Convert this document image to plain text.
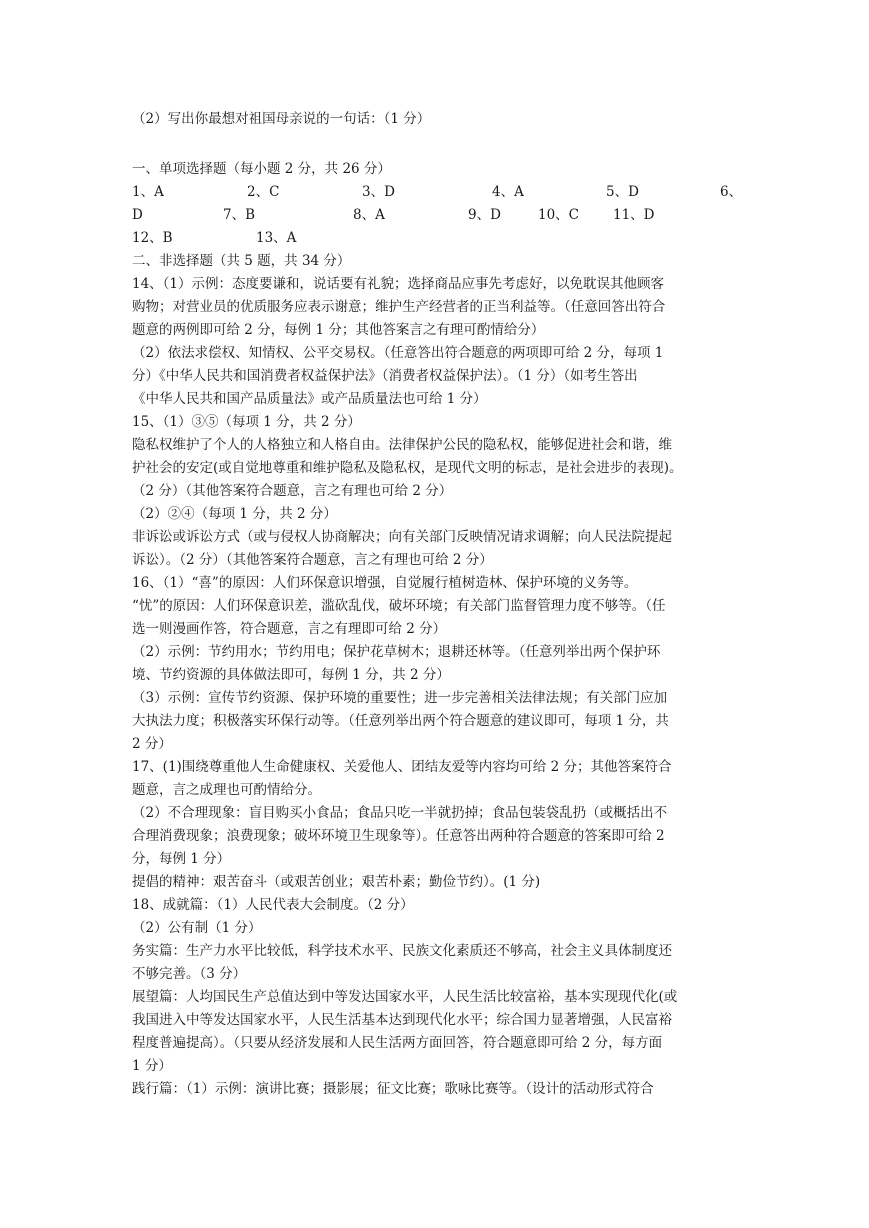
（2）写出你最想对祖国母亲说的一句话：（1 分）
一、单项选择题（每小题 2 分，共 26 分）
1、A	2、C	3、D	4、A	5、D	6、
D	7、B	8、A	9、D	10、C	11、D
12、B	13、A
二、非选择题（共 5 题，共 34 分）
14、（1）示例：态度要谦和，说话要有礼貌；选择商品应事先考虑好，以免耽误其他顾客
购物；对营业员的优质服务应表示谢意；维护生产经营者的正当利益等。（任意回答出符合
题意的两例即可给 2 分，每例 1 分；其他答案言之有理可酌情给分）
（2）依法求偿权、知情权、公平交易权。（任意答出符合题意的两项即可给 2 分，每项 1
分）《中华人民共和国消费者权益保护法》（消费者权益保护法）。（1 分）（如考生答出
《中华人民共和国产品质量法》或产品质量法也可给 1 分）
15、（1）③⑤（每项 1 分，共 2 分）
隐私权维护了个人的人格独立和人格自由。法律保护公民的隐私权，能够促进社会和谐，维
护社会的安定(或自觉地尊重和维护隐私及隐私权，是现代文明的标志，是社会进步的表现)。
（2 分）（其他答案符合题意，言之有理也可给 2 分）
（2）②④（每项 1 分，共 2 分）
非诉讼或诉讼方式（或与侵权人协商解决；向有关部门反映情况请求调解；向人民法院提起
诉讼）。（2 分）（其他答案符合题意，言之有理也可给 2 分）
16、（1）“喜”的原因：人们环保意识增强，自觉履行植树造林、保护环境的义务等。
“忧”的原因：人们环保意识差，滥砍乱伐，破坏环境；有关部门监督管理力度不够等。（任
选一则漫画作答，符合题意，言之有理即可给 2 分）
（2）示例：节约用水；节约用电；保护花草树木；退耕还林等。（任意列举出两个保护环
境、节约资源的具体做法即可，每例 1 分，共 2 分）
（3）示例：宣传节约资源、保护环境的重要性；进一步完善相关法律法规；有关部门应加
大执法力度；积极落实环保行动等。（任意列举出两个符合题意的建议即可，每项 1 分，共
2 分）
17、(1)围绕尊重他人生命健康权、关爱他人、团结友爱等内容均可给 2 分；其他答案符合
题意，言之成理也可酌情给分。
（2）不合理现象：盲目购买小食品；食品只吃一半就扔掉；食品包装袋乱扔（或概括出不
合理消费现象；浪费现象；破坏环境卫生现象等）。任意答出两种符合题意的答案即可给 2
分，每例 1 分）
提倡的精神：艰苦奋斗（或艰苦创业；艰苦朴素；勤俭节约）。(1 分)
18、成就篇：（1）人民代表大会制度。（2 分）
（2）公有制（1 分）
务实篇：生产力水平比较低，科学技术水平、民族文化素质还不够高，社会主义具体制度还
不够完善。（3 分）
展望篇：人均国民生产总值达到中等发达国家水平，人民生活比较富裕，基本实现现代化(或
我国进入中等发达国家水平，人民生活基本达到现代化水平；综合国力显著增强，人民富裕
程度普遍提高）。（只要从经济发展和人民生活两方面回答，符合题意即可给 2 分，每方面
1 分）
践行篇：（1）示例：演讲比赛；摄影展；征文比赛；歌咏比赛等。（设计的活动形式符合
